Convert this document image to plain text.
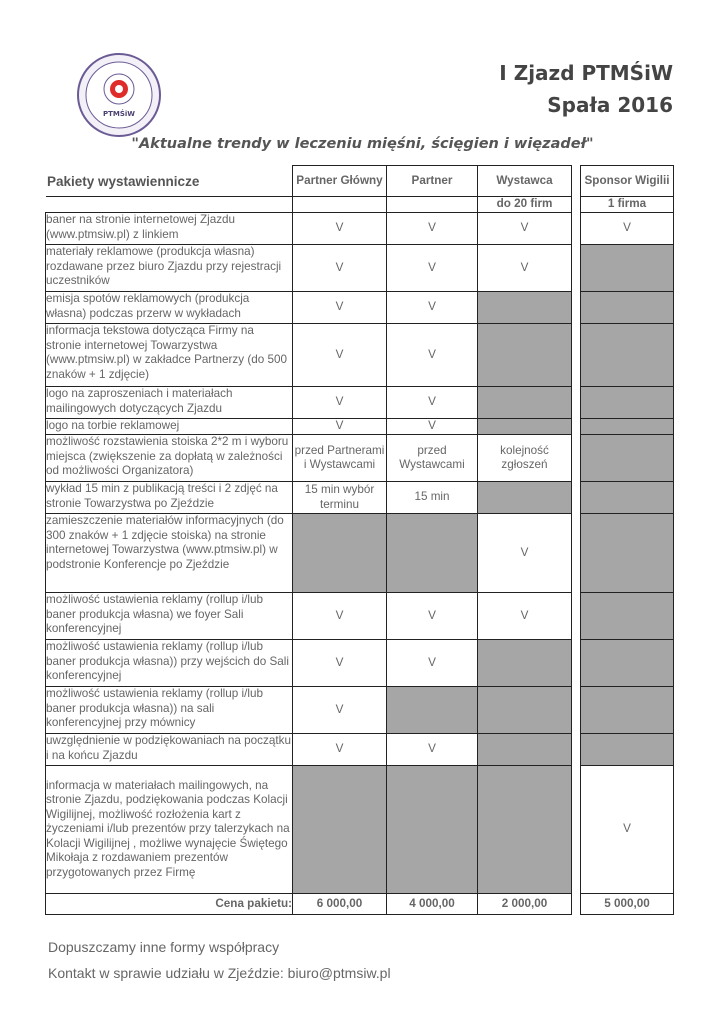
PTMŚiW
I Zjazd PTMŚiW
Spała 2016
"Aktualne trendy w leczeniu mięśni, ścięgien i więzadeł"
Pakiety wystawiennicze
		Partner Główny	Partner	Wystawca		Sponsor Wigilii
			do 20 firm		1 firma
baner na stronie internetowej Zjazdu (www.ptmsiw.pl) z linkiem	V	V	V		V
materiały reklamowe (produkcja własna) rozdawane przez biuro Zjazdu przy rejestracji uczestników	V	V	V		
emisja spotów reklamowych (produkcja własna) podczas przerw w wykładach	V	V			
informacja tekstowa dotycząca Firmy na stronie internetowej Towarzystwa (www.ptmsiw.pl) w zakładce Partnerzy (do 500 znaków + 1 zdjęcie)	V	V			
logo na zaproszeniach i materiałach mailingowych dotyczących Zjazdu	V	V			
logo na torbie reklamowej	V	V			
możliwość rozstawienia stoiska 2*2 m i wyboru miejsca (zwiększenie za dopłatą w zależności od możliwości Organizatora)	przed Partnerami i Wystawcami	przed Wystawcami	kolejność zgłoszeń		
wykład 15 min z publikacją treści i 2 zdjęć na stronie Towarzystwa po Zjeździe	15 min wybór terminu	15 min			
zamieszczenie materiałów informacyjnych (do 300 znaków + 1 zdjęcie stoiska) na stronie internetowej Towarzystwa (www.ptmsiw.pl) w podstronie Konferencje po Zjeździe			V		
możliwość ustawienia reklamy (rollup i/lub baner produkcja własna) we foyer Sali konferencyjnej	V	V	V		
możliwość ustawienia reklamy (rollup i/lub baner produkcja własna)) przy wejścich do Sali konferencyjnej	V	V			
możliwość ustawienia reklamy (rollup i/lub baner produkcja własna)) na sali konferencyjnej przy mównicy	V				
uwzględnienie w podziękowaniach na początku i na końcu Zjazdu	V	V			
informacja w materiałach mailingowych, na stronie Zjazdu, podziękowania podczas Kolacji Wigilijnej, możliwość rozłożenia kart z życzeniami i/lub prezentów przy talerzykach na Kolacji Wigilijnej , możliwe wynajęcie Świętego Mikołaja z rozdawaniem prezentów przygotowanych przez Firmę					V
Cena pakietu:	6 000,00	4 000,00	2 000,00		5 000,00
Dopuszczamy inne formy współpracy
Kontakt w sprawie udziału w Zjeździe: biuro@ptmsiw.pl
